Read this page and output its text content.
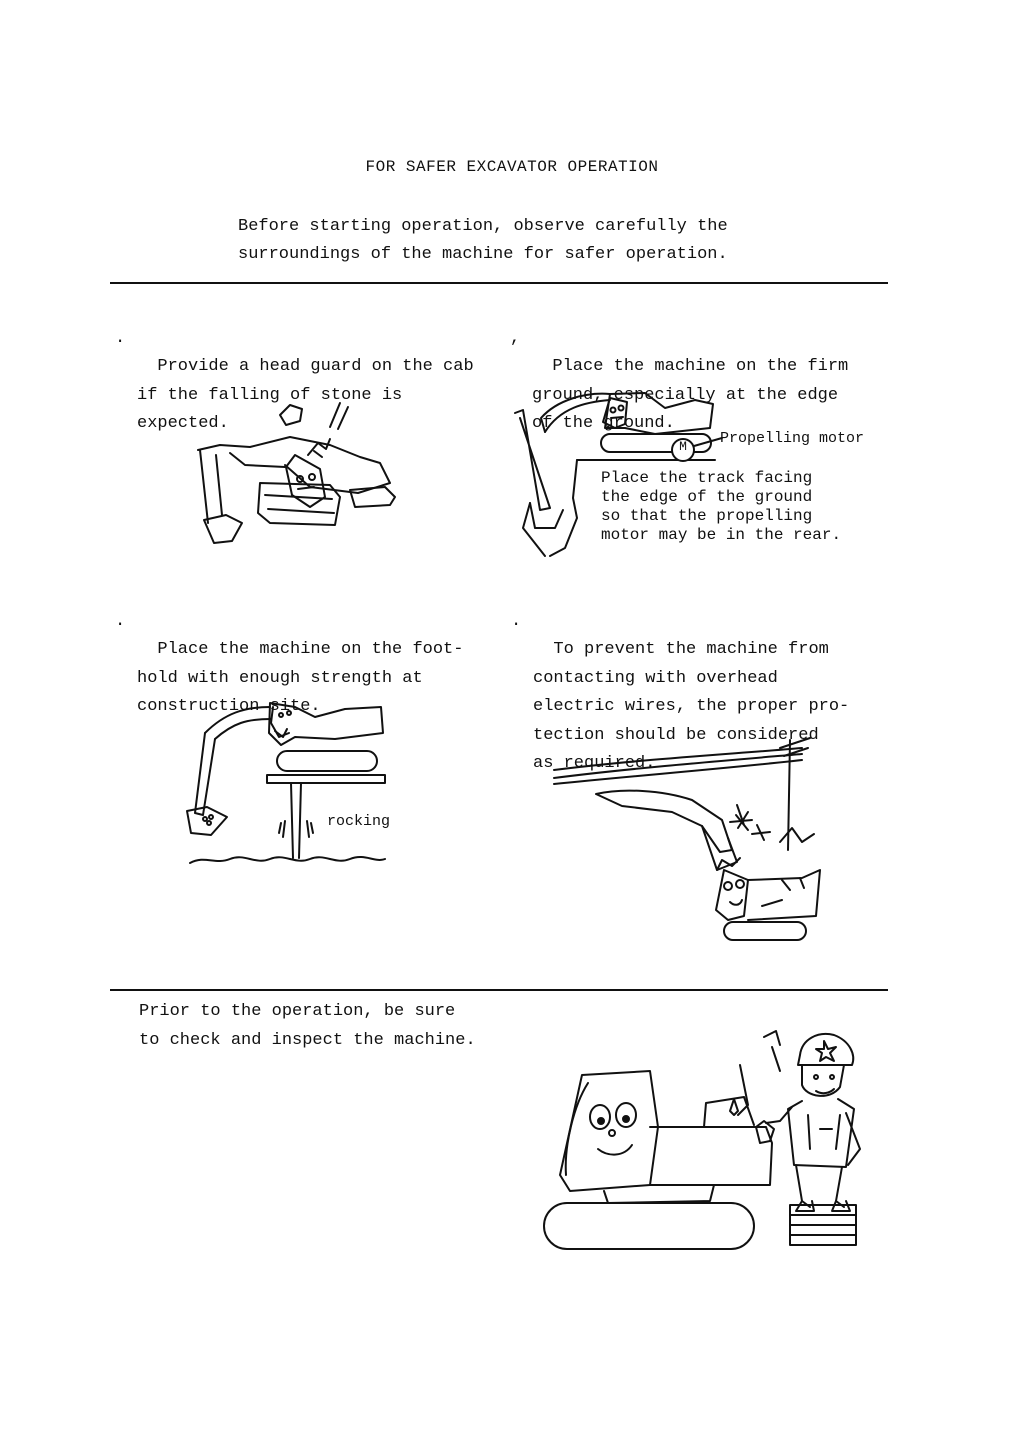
FOR SAFER EXCAVATOR OPERATION
Before starting operation, observe carefully the
surroundings of the machine for safer operation.

.

Provide a head guard on the cab
if the falling of stone is
expected.

,

Place the machine on the firm
ground, especially at the edge
of the ground.

M Propelling motor
Place the track facing
the edge of the ground
so that the propelling
motor may be in the rear.

.

Place the machine on the foot-
hold with enough strength at
construction site.

.

To prevent the machine from
contacting with overhead
electric wires, the proper pro-
tection should be considered
as required.

rocking
Prior to the operation, be sure
to check and inspect the machine.
